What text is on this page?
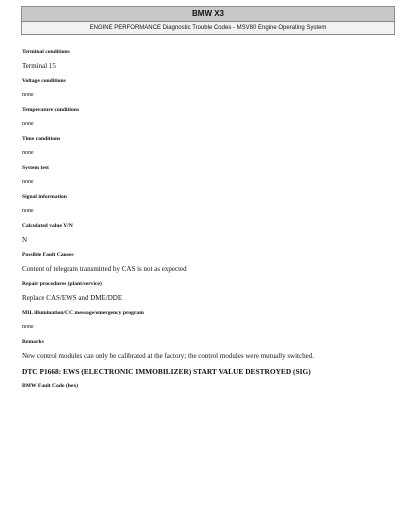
BMW X3
ENGINE PERFORMANCE Diagnostic Trouble Codes - MSV80 Engine Operating System
Terminal conditions
Terminal 15
Voltage conditions
none
Temperature conditions
none
Time conditions
none
System test
none
Signal information
none
Calculated value Y/N
N
Possible Fault Causes
Content of telegram transmitted by CAS is not as expected
Repair procedures (plant/service)
Replace CAS/EWS and DME/DDE
MIL illumination/CC message/emergency program
none
Remarks
New control modules can only be calibrated at the factory; the control modules were mutually switched.
DTC P1668: EWS (ELECTRONIC IMMOBILIZER) START VALUE DESTROYED (SIG)
BMW Fault Code (hex)
